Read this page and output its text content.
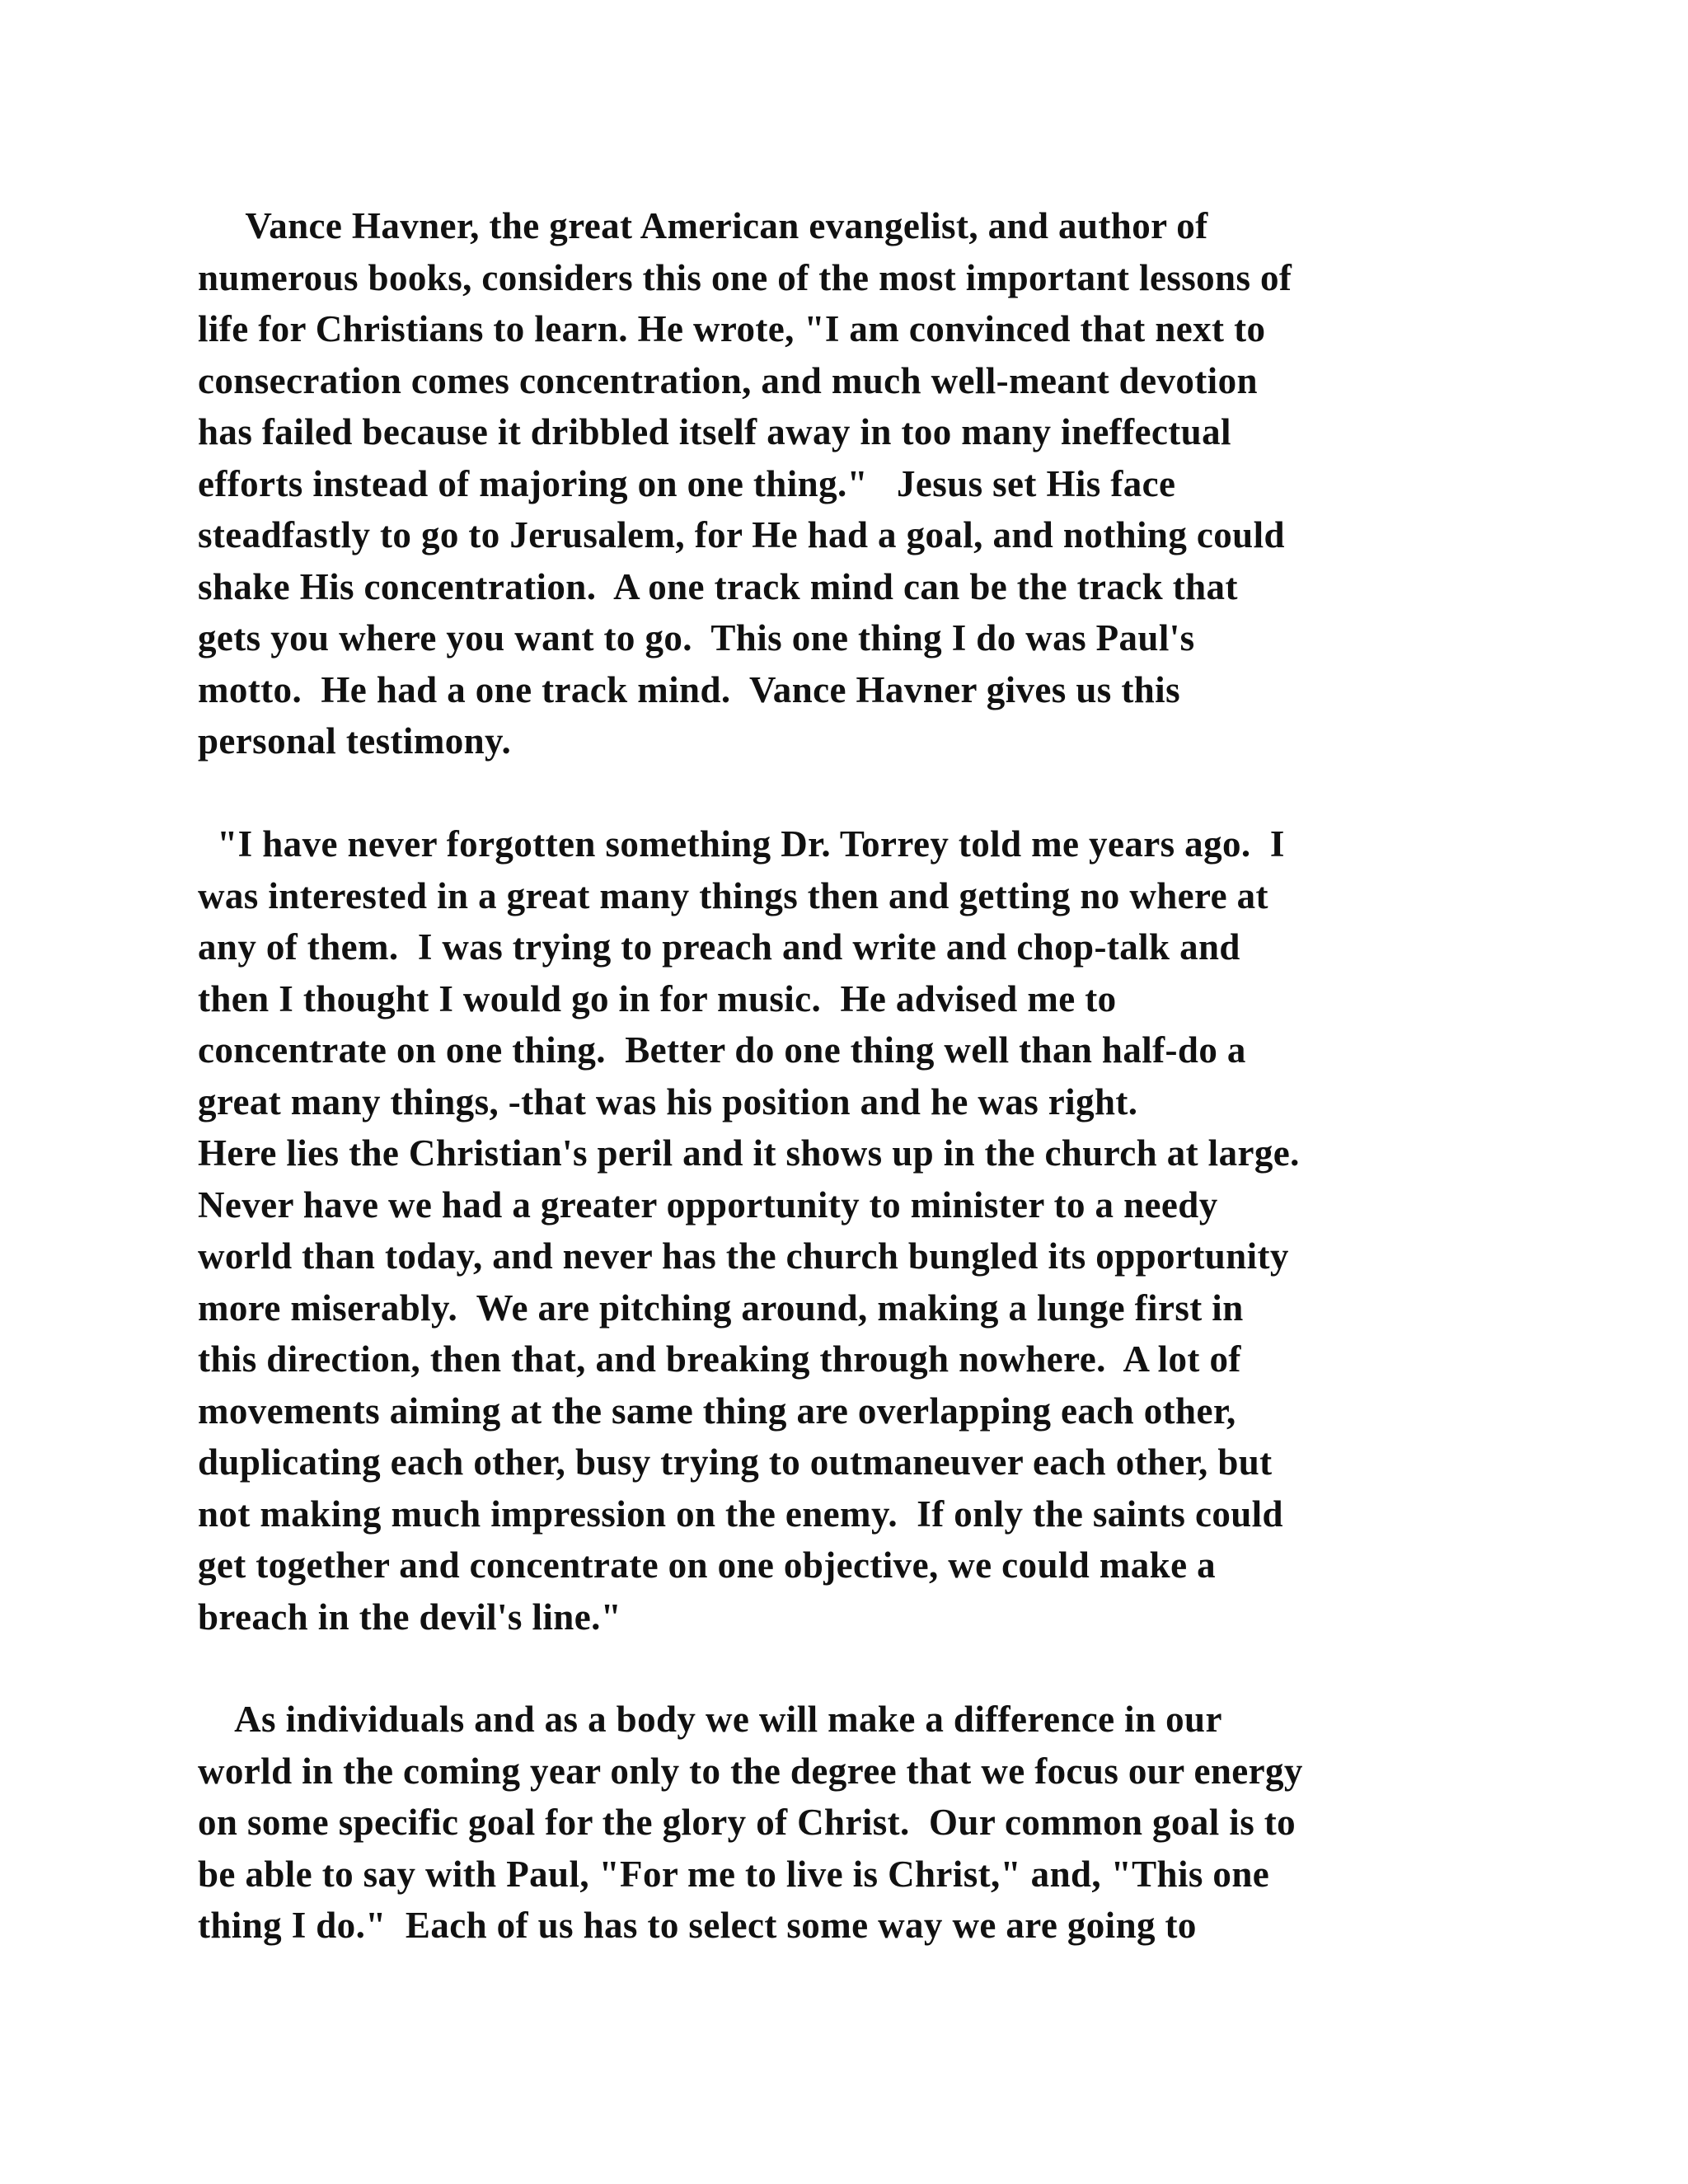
Vance Havner, the great American evangelist, and author of
numerous books, considers this one of the most important lessons of
life for Christians to learn. He wrote, "I am convinced that next to
consecration comes concentration, and much well-meant devotion
has failed because it dribbled itself away in too many ineffectual
efforts instead of majoring on one thing."   Jesus set His face
steadfastly to go to Jerusalem, for He had a goal, and nothing could
shake His concentration.  A one track mind can be the track that
gets you where you want to go.  This one thing I do was Paul's
motto.  He had a one track mind.  Vance Havner gives us this
personal testimony.
"I have never forgotten something Dr. Torrey told me years ago.  I
was interested in a great many things then and getting no where at
any of them.  I was trying to preach and write and chop-talk and
then I thought I would go in for music.  He advised me to
concentrate on one thing.  Better do one thing well than half-do a
great many things, -that was his position and he was right.
Here lies the Christian's peril and it shows up in the church at large.
Never have we had a greater opportunity to minister to a needy
world than today, and never has the church bungled its opportunity
more miserably.  We are pitching around, making a lunge first in
this direction, then that, and breaking through nowhere.  A lot of
movements aiming at the same thing are overlapping each other,
duplicating each other, busy trying to outmaneuver each other, but
not making much impression on the enemy.  If only the saints could
get together and concentrate on one objective, we could make a
breach in the devil's line."
As individuals and as a body we will make a difference in our
world in the coming year only to the degree that we focus our energy
on some specific goal for the glory of Christ.  Our common goal is to
be able to say with Paul, "For me to live is Christ," and, "This one
thing I do."  Each of us has to select some way we are going to
